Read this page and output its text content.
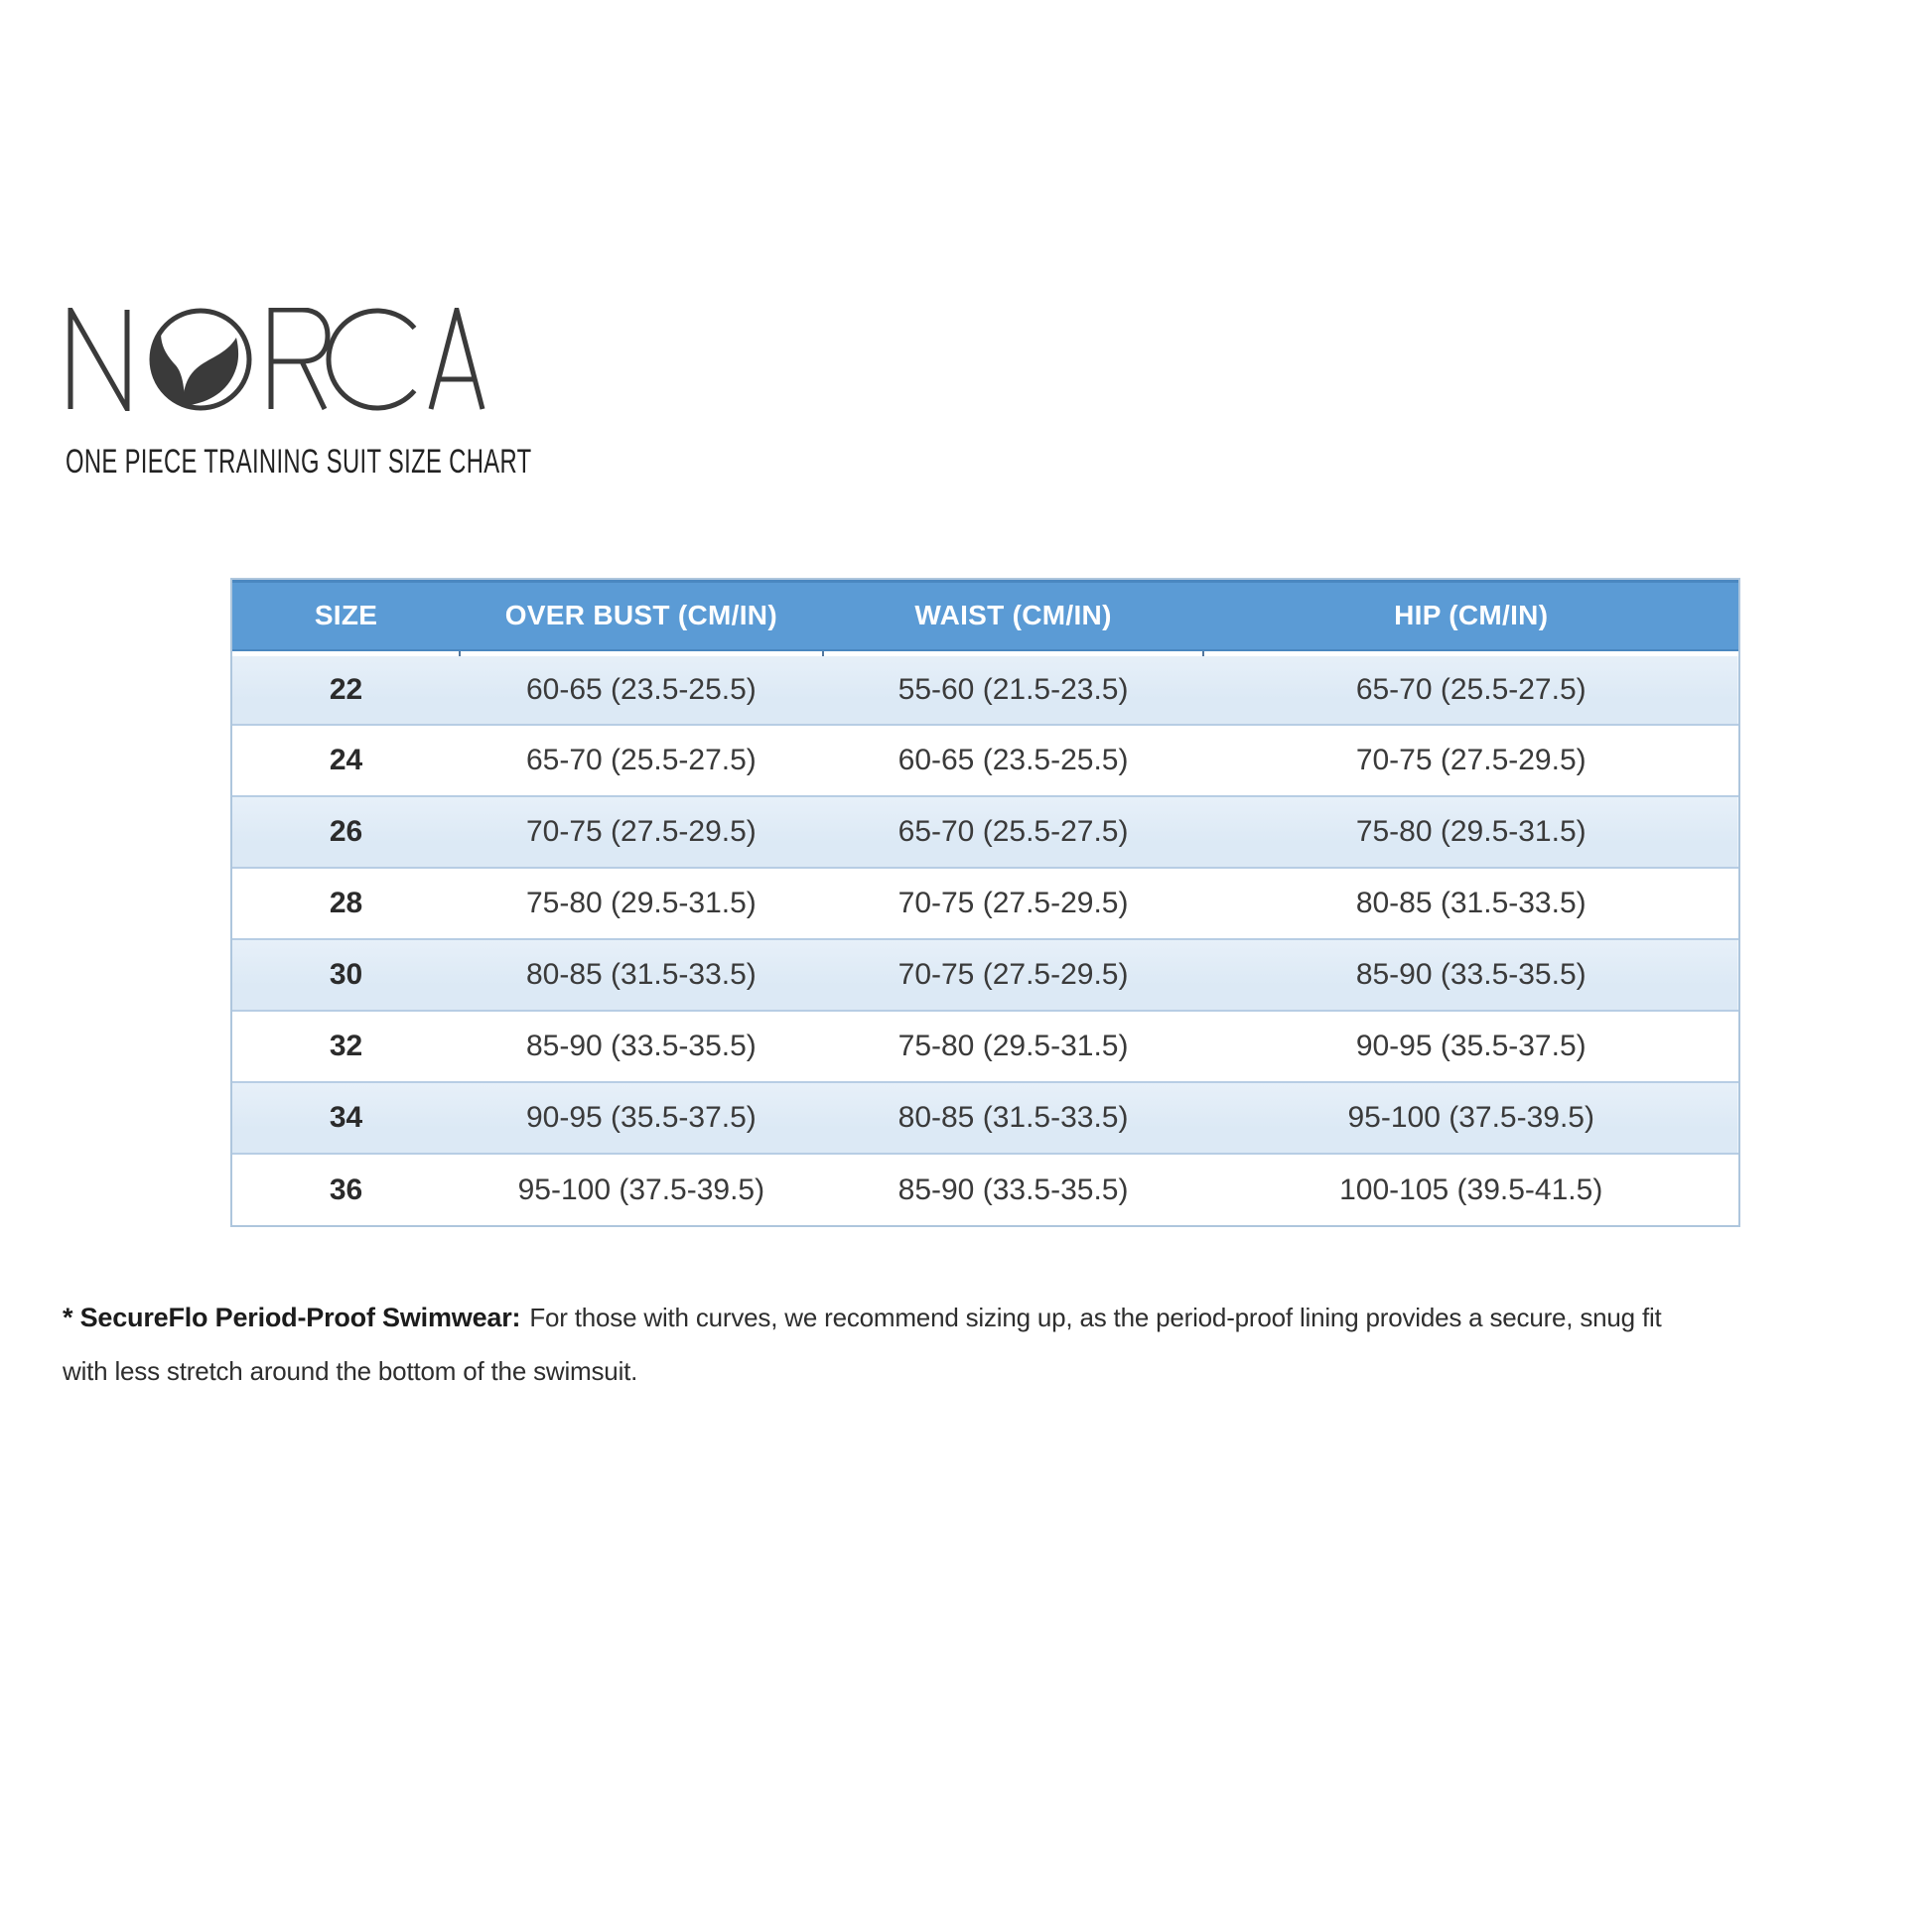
ONE PIECE TRAINING SUIT SIZE CHART
SIZE	OVER BUST (CM/IN)	WAIST (CM/IN)	HIP (CM/IN)
22	60-65 (23.5-25.5)	55-60 (21.5-23.5)	65-70 (25.5-27.5)
24	65-70 (25.5-27.5)	60-65 (23.5-25.5)	70-75 (27.5-29.5)
26	70-75 (27.5-29.5)	65-70 (25.5-27.5)	75-80 (29.5-31.5)
28	75-80 (29.5-31.5)	70-75 (27.5-29.5)	80-85 (31.5-33.5)
30	80-85 (31.5-33.5)	70-75 (27.5-29.5)	85-90 (33.5-35.5)
32	85-90 (33.5-35.5)	75-80 (29.5-31.5)	90-95 (35.5-37.5)
34	90-95 (35.5-37.5)	80-85 (31.5-33.5)	95-100 (37.5-39.5)
36	95-100 (37.5-39.5)	85-90 (33.5-35.5)	100-105 (39.5-41.5)

* SecureFlo Period-Proof Swimwear: For those with curves, we recommend sizing up, as the period-proof lining provides a secure, snug fit
with less stretch around the bottom of the swimsuit.
